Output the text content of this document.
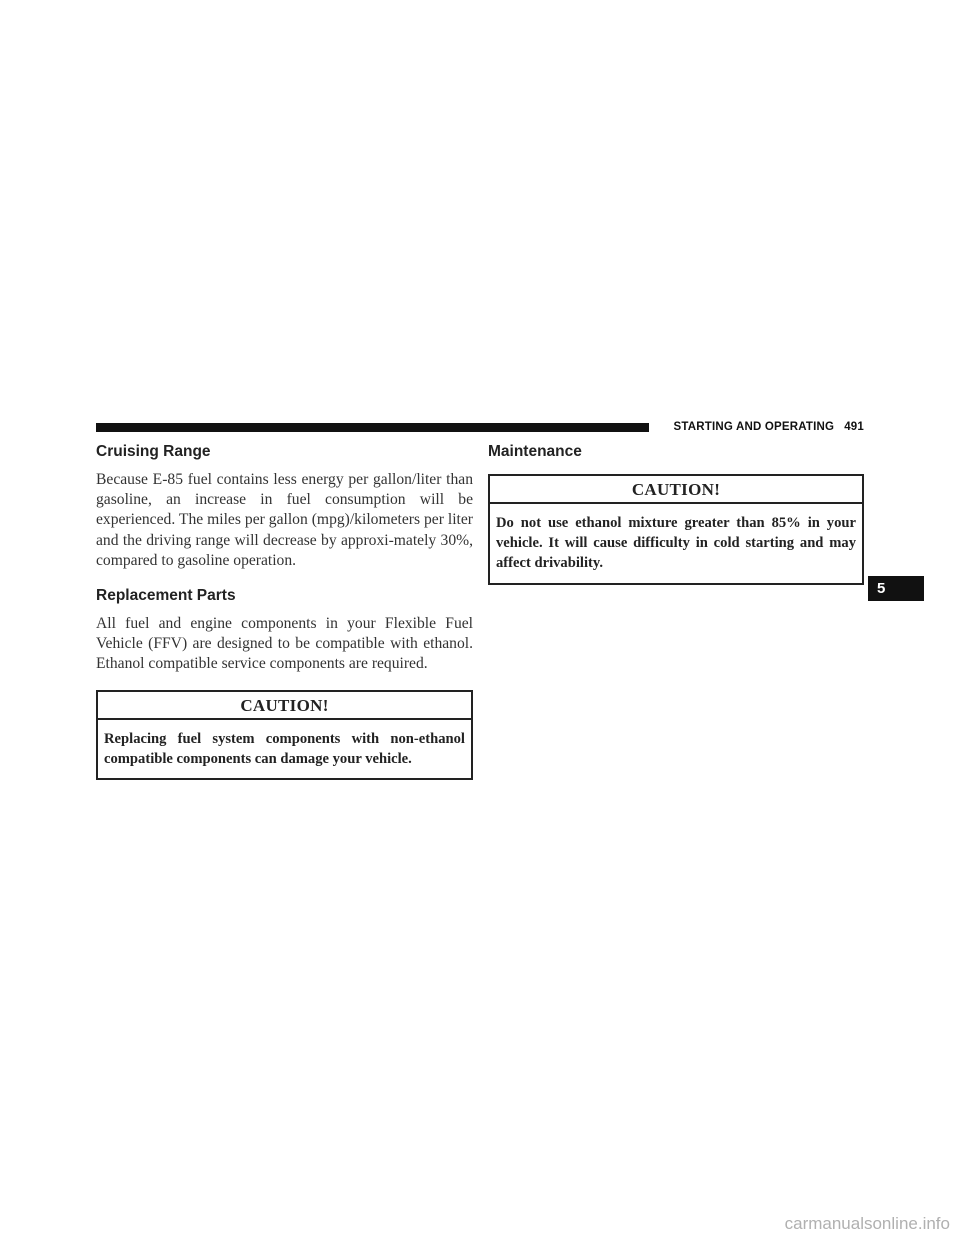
STARTING AND OPERATING 491
Cruising Range

Because E-85 fuel contains less energy per gallon/liter than gasoline, an increase in fuel consumption will be experienced. The miles per gallon (mpg)/kilometers per liter and the driving range will decrease by approxi-mately 30%, compared to gasoline operation.

Replacement Parts

All fuel and engine components in your Flexible Fuel Vehicle (FFV) are designed to be compatible with ethanol. Ethanol compatible service components are required.

CAUTION!
Replacing fuel system components with non-ethanol compatible components can damage your vehicle.
Maintenance
CAUTION!
Do not use ethanol mixture greater than 85% in your vehicle. It will cause difficulty in cold starting and may affect drivability.
5
carmanualsonline.info
